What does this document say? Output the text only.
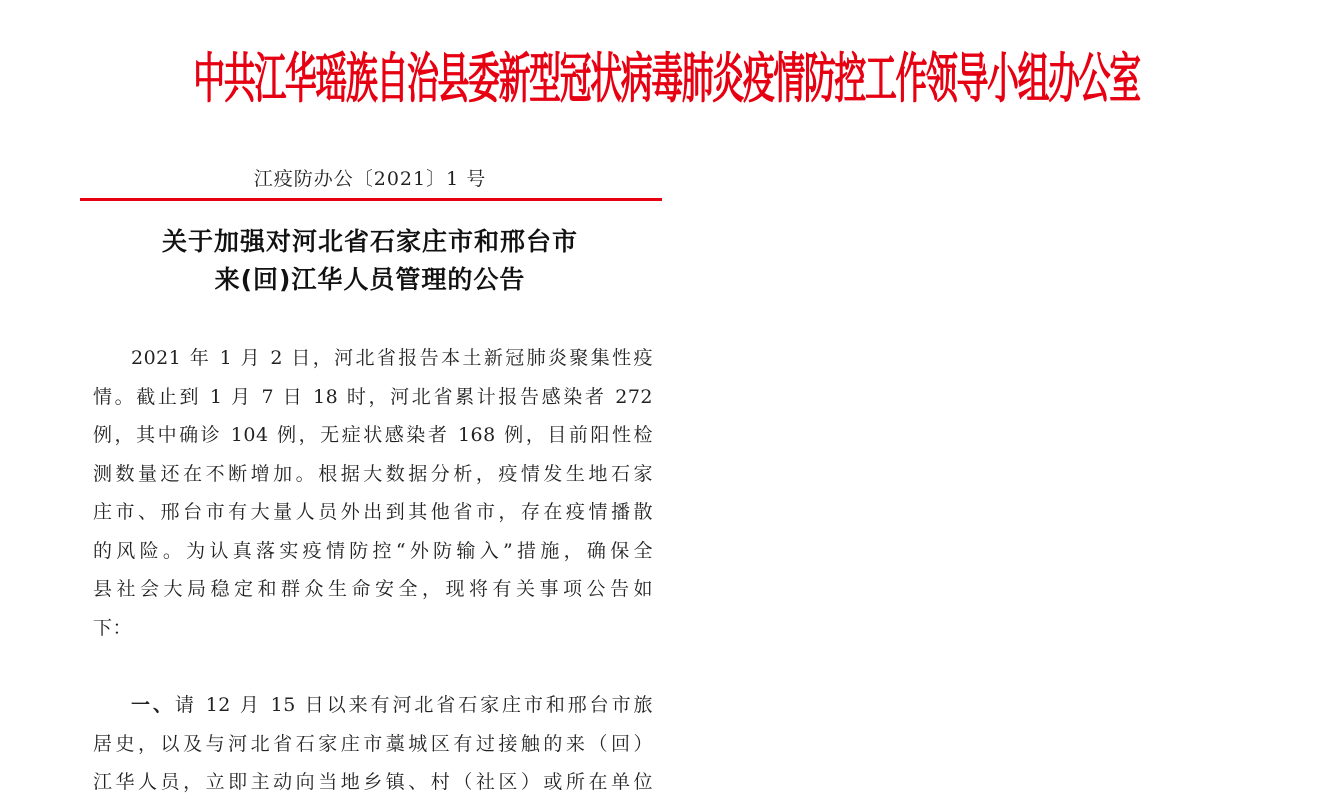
中共江华瑶族自治县委新型冠状病毒肺炎疫情防控工作领导小组办公室
江疫防办公〔2021〕1 号
关于加强对河北省石家庄市和邢台市
来(回)江华人员管理的公告
2021 年 1 月 2 日，河北省报告本土新冠肺炎聚集性疫
情。截止到 1 月 7 日 18 时，河北省累计报告感染者 272
例，其中确诊 104 例，无症状感染者 168 例，目前阳性检
测数量还在不断增加。根据大数据分析，疫情发生地石家
庄市、邢台市有大量人员外出到其他省市，存在疫情播散
的风险。为认真落实疫情防控“外防输入”措施，确保全
县社会大局稳定和群众生命安全，现将有关事项公告如
下：
一、请 12 月 15 日以来有河北省石家庄市和邢台市旅
居史，以及与河北省石家庄市藁城区有过接触的来（回）
江华人员，立即主动向当地乡镇、村（社区）或所在单位
